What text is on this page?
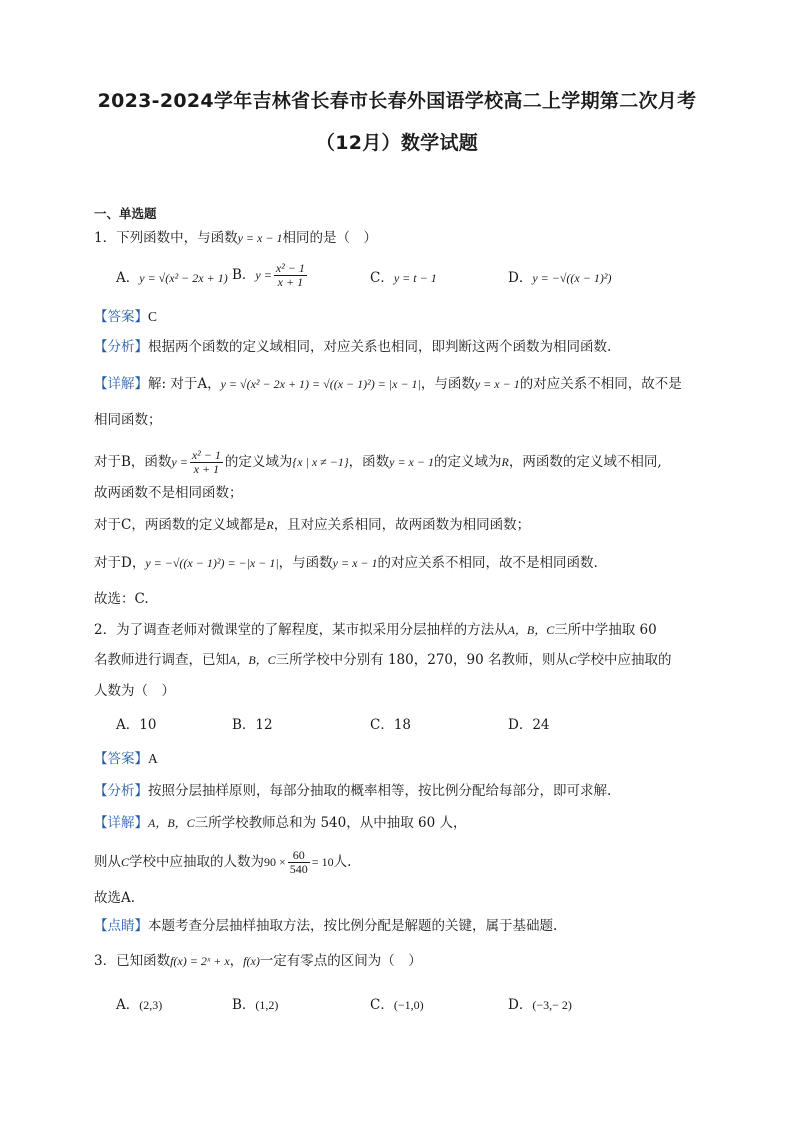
2023-2024学年吉林省长春市长春外国语学校高二上学期第二次月考
（12月）数学试题
一、单选题
1．下列函数中，与函数y = x − 1相同的是（　）
A．y = √(x² − 2x + 1) B．$y = \frac{\text{x² − 1}}{x + 1}$	C．y = t − 1	D．y = −√((x − 1)²)
【答案】C
【分析】根据两个函数的定义域相同，对应关系也相同，即判断这两个函数为相同函数.
【详解】解: 对于A，y = √(x² − 2x + 1) = √((x − 1)²) = |x − 1|，与函数y = x − 1的对应关系不相同，故不是
相同函数；
对于B，函数$y = \frac{\text{x² − 1}}{x + 1}$ 的定义域为{x | x ≠ −1}，函数y = x − 1的定义域为R，两函数的定义域不相同,
故两函数不是相同函数；
对于C，两函数的定义域都是R，且对应关系相同，故两函数为相同函数；
对于D，y = −√((x − 1)²) = −|x − 1|，与函数y = x − 1的对应关系不相同，故不是相同函数.
故选：C.
2．为了调查老师对微课堂的了解程度，某市拟采用分层抽样的方法从A，B，C三所中学抽取 60
名教师进行调查，已知A，B，C三所学校中分别有 180，270，90 名教师，则从C学校中应抽取的
人数为（　）
A．10	B．12	C．18	D．24
【答案】A
【分析】按照分层抽样原则，每部分抽取的概率相等，按比例分配给每部分，即可求解.
【详解】A，B，C三所学校教师总和为 540，从中抽取 60 人，
则从C学校中应抽取的人数为$90 \times \frac{60}{540} = 10$人.
故选A.
【点睛】本题考查分层抽样抽取方法，按比例分配是解题的关键，属于基础题.
3．已知函数f(x) = 2ˣ + x，f(x)一定有零点的区间为（　）
A．(2,3)	B．(1,2)	C．(−1,0)	D．(−3,− 2)
